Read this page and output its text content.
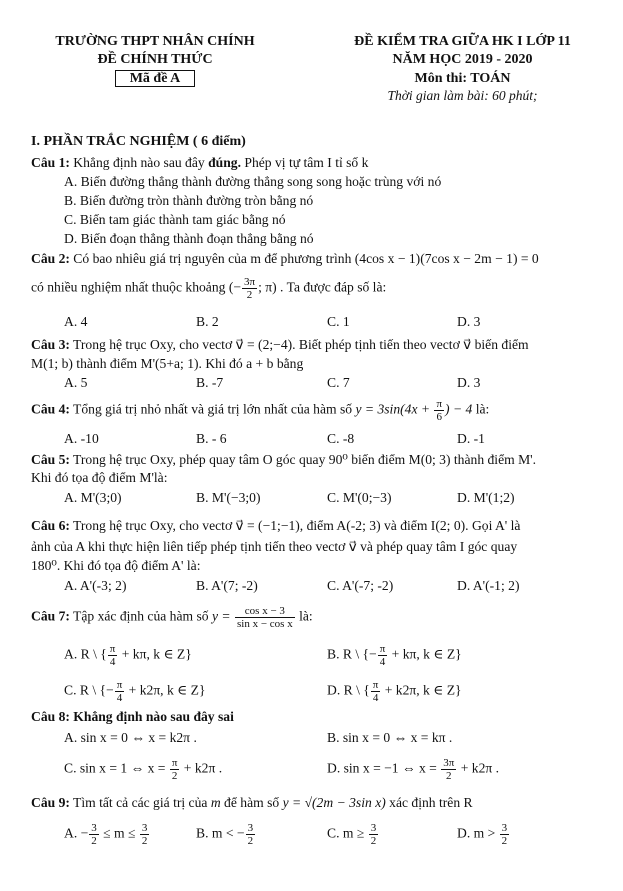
TRƯỜNG THPT NHÂN CHÍNH
ĐỀ CHÍNH THỨC
Mã đề A
ĐỀ KIỂM TRA GIỮA HK I LỚP 11
NĂM HỌC 2019 - 2020
Môn thi: TOÁN
Thời gian làm bài: 60 phút;
I. PHẦN TRẮC NGHIỆM ( 6 điểm)
Câu 1: Khẳng định nào sau đây đúng. Phép vị tự tâm I tỉ số k
A. Biến đường thẳng thành đường thẳng song song hoặc trùng với nó
B. Biến đường tròn thành đường tròn bằng nó
C. Biến tam giác thành tam giác bằng nó
D. Biến đoạn thẳng thành đoạn thẳng bằng nó
Câu 2: Có bao nhiêu giá trị nguyên của m để phương trình (4cos x − 1)(7cos x − 2m − 1) = 0
có nhiều nghiệm nhất thuộc khoảng (− $\frac{3\pi}{2}$ ; π) . Ta được đáp số là:
A. 4	B. 2	C. 1	D. 3
Câu 3: Trong hệ trục Oxy, cho vectơ v⃗ = (2;−4). Biết phép tịnh tiến theo vectơ v⃗ biến điểm
M(1; b) thành điểm M'(5+a; 1). Khi đó a + b bằng
A. 5	B. -7	C. 7	D. 3
Câu 4: Tổng giá trị nhỏ nhất và giá trị lớn nhất của hàm số $y = 3\sin(4x + \frac{\pi}{6}$ ) − 4 là:
A. -10	B. - 6	C. -8	D. -1
Câu 5: Trong hệ trục Oxy, phép quay tâm O góc quay 90⁰ biến điểm M(0; 3) thành điểm M'.
Khi đó tọa độ điểm M'là:
A. M'(3;0)	B. M'(−3;0)	C. M'(0;−3)	D. M'(1;2)
Câu 6: Trong hệ trục Oxy, cho vectơ v⃗ = (−1;−1), điểm A(-2; 3) và điểm I(2; 0). Gọi A' là
ảnh của A khi thực hiện liên tiếp phép tịnh tiến theo vectơ v⃗ và phép quay tâm I góc quay
180⁰. Khi đó tọa độ điểm A' là:
A. A'(-3; 2)	B. A'(7; -2)	C. A'(-7; -2)	D. A'(-1; 2)
Câu 7: Tập xác định của hàm số $y = \frac{\text{cos x − 3}}{\text{sin x − cos x}}$ là:
A. R \ { $\frac{\pi}{4} + k\pi$, k ∈ Z}	B. R \ {− $\frac{\pi}{4} + k\pi$, k ∈ Z}
C. R \ {− $\frac{\pi}{4} + k2\pi$, k ∈ Z}	D. R \ { $\frac{\pi}{4} + k2\pi$, k ∈ Z}
Câu 8: Khẳng định nào sau đây sai
A. sin x = 0 ⇔ x = k2π .	B. sin x = 0 ⇔ x = kπ .
C. sin x = 1 ⇔ $x = \frac{\pi}{2} + k2\pi$ .	D. sin x = −1 ⇔ $x = \frac{3\pi}{2} + k2\pi$ .
Câu 9: Tìm tất cả các giá trị của m để hàm số y = √(2m − 3sin x) xác định trên R
A. − $\frac{3}{2} \le m \le \frac{3}{2}$	B. m < − $\frac{3}{2}$	C. $m \ge \frac{3}{2}$	D. $m > \frac{3}{2}$
